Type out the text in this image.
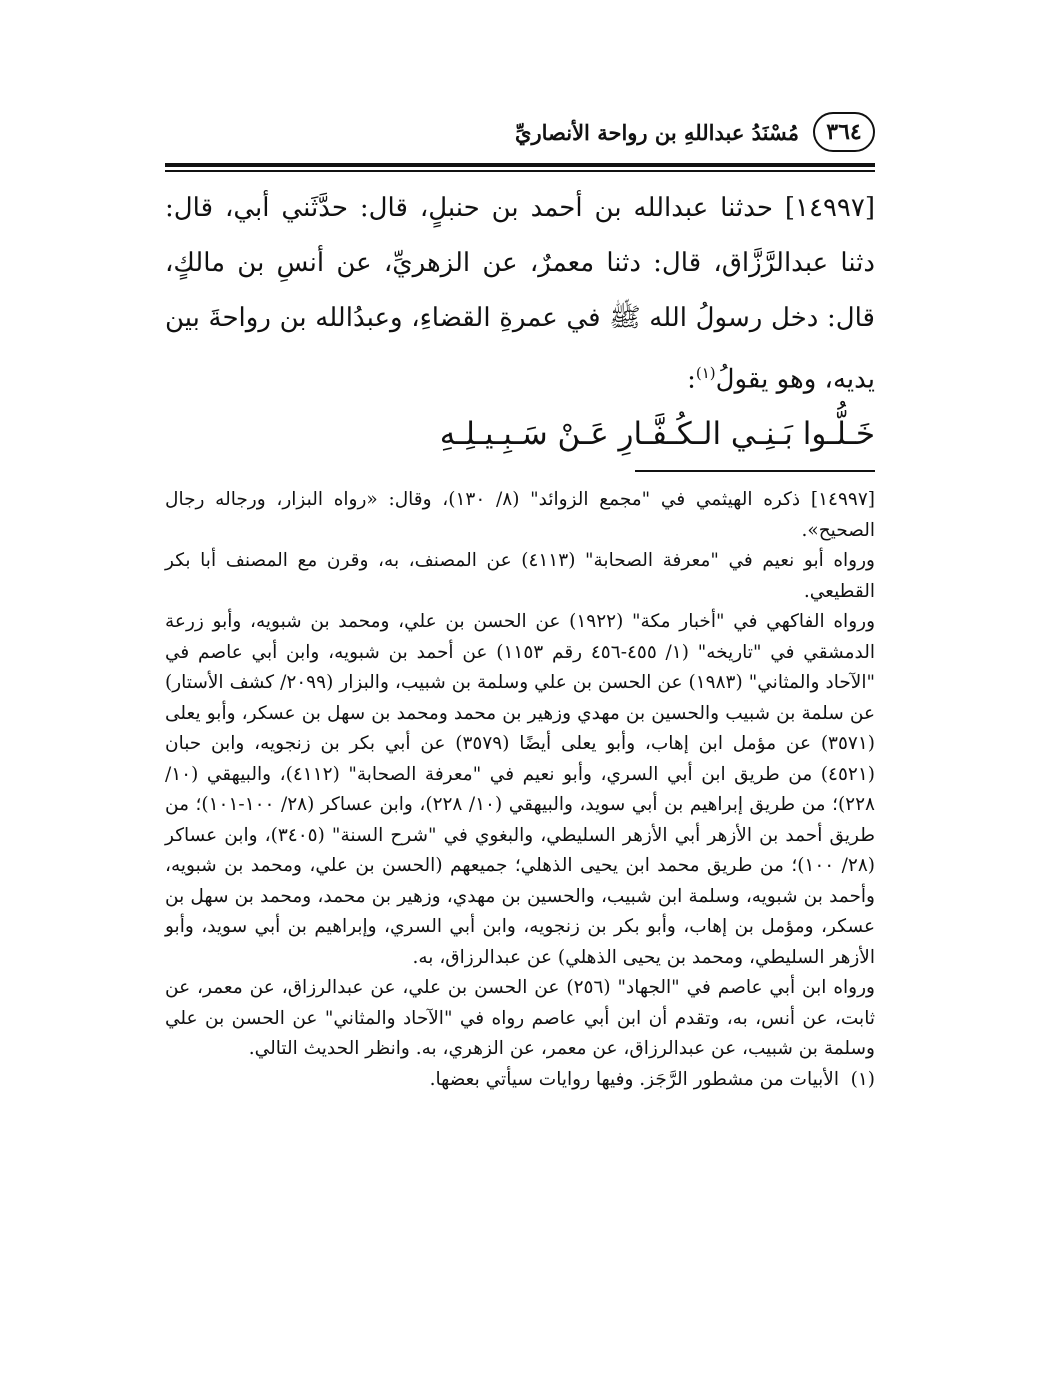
٣٦٤
مُسْنَدُ عبداللهِ بن رواحة الأنصاريِّ

[١٤٩٩٧] حدثنا عبدالله بن أحمد بن حنبلٍ، قال: حدَّثَني أبي، قال: دثنا عبدالرَّزَّاق، قال: دثنا معمرٌ، عن الزهريِّ، عن أنسِ بن مالكٍ، قال: دخل رسولُ الله ﷺ في عمرةِ القضاءِ، وعبدُالله بن رواحةَ بين يديه، وهو يقولُ$^{(١)}$:

خَـلُّـوا بَـنِـي الـكُـفَّـارِ عَـنْ سَـبِـيـلِـهِ

[١٤٩٩٧] ذكره الهيثمي في "مجمع الزوائد" (٨/ ١٣٠)، وقال: «رواه البزار، ورجاله رجال الصحيح».

ورواه أبو نعيم في "معرفة الصحابة" (٤١١٣) عن المصنف، به، وقرن مع المصنف أبا بكر القطيعي.

ورواه الفاكهي في "أخبار مكة" (١٩٢٢) عن الحسن بن علي، ومحمد بن شبويه، وأبو زرعة الدمشقي في "تاريخه" (١/ ٤٥٥-٤٥٦ رقم ١١٥٣) عن أحمد بن شبويه، وابن أبي عاصم في "الآحاد والمثاني" (١٩٨٣) عن الحسن بن علي وسلمة بن شبيب، والبزار (٢٠٩٩/ كشف الأستار) عن سلمة بن شبيب والحسين بن مهدي وزهير بن محمد ومحمد بن سهل بن عسكر، وأبو يعلى (٣٥٧١) عن مؤمل ابن إهاب، وأبو يعلى أيضًا (٣٥٧٩) عن أبي بكر بن زنجويه، وابن حبان (٤٥٢١) من طريق ابن أبي السري، وأبو نعيم في "معرفة الصحابة" (٤١١٢)، والبيهقي (١٠/ ٢٢٨)؛ من طريق إبراهيم بن أبي سويد، والبيهقي (١٠/ ٢٢٨)، وابن عساكر (٢٨/ ١٠٠-١٠١)؛ من طريق أحمد بن الأزهر أبي الأزهر السليطي، والبغوي في "شرح السنة" (٣٤٠٥)، وابن عساكر (٢٨/ ١٠٠)؛ من طريق محمد ابن يحيى الذهلي؛ جميعهم (الحسن بن علي، ومحمد بن شبويه، وأحمد بن شبويه، وسلمة ابن شبيب، والحسين بن مهدي، وزهير بن محمد، ومحمد بن سهل بن عسكر، ومؤمل بن إهاب، وأبو بكر بن زنجويه، وابن أبي السري، وإبراهيم بن أبي سويد، وأبو الأزهر السليطي، ومحمد بن يحيى الذهلي) عن عبدالرزاق، به.

ورواه ابن أبي عاصم في "الجهاد" (٢٥٦) عن الحسن بن علي، عن عبدالرزاق، عن معمر، عن ثابت، عن أنس، به، وتقدم أن ابن أبي عاصم رواه في "الآحاد والمثاني" عن الحسن بن علي وسلمة بن شبيب، عن عبدالرزاق، عن معمر، عن الزهري، به. وانظر الحديث التالي.

(١)الأبيات من مشطور الرَّجَز. وفيها روايات سيأتي بعضها.
